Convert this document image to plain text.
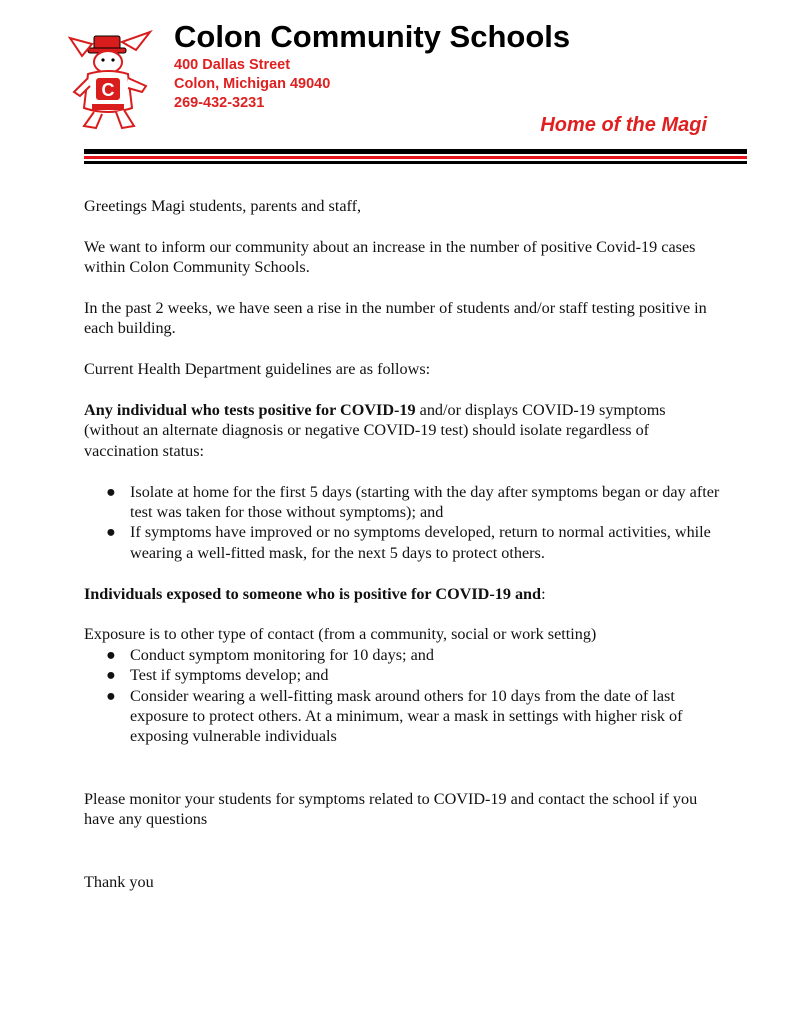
C
Colon Community Schools
400 Dallas Street
Colon, Michigan 49040
269-432-3231
Home of the Magi

Greetings Magi students, parents and staff,

We want to inform our community about an increase in the number of positive Covid-19 cases within Colon Community Schools.

In the past 2 weeks, we have seen a rise in the number of students and/or staff testing positive in each building.

Current Health Department guidelines are as follows:

Any individual who tests positive for COVID-19 and/or displays COVID-19 symptoms (without an alternate diagnosis or negative COVID-19 test) should isolate regardless of vaccination status:

● Isolate at home for the first 5 days (starting with the day after symptoms began or day after test was taken for those without symptoms); and
● If symptoms have improved or no symptoms developed, return to normal activities, while wearing a well-fitted mask, for the next 5 days to protect others.

Individuals exposed to someone who is positive for COVID-19 and:

Exposure is to other type of contact (from a community, social or work setting)

● Conduct symptom monitoring for 10 days; and
● Test if symptoms develop; and
● Consider wearing a well-fitting mask around others for 10 days from the date of last exposure to protect others. At a minimum, wear a mask in settings with higher risk of exposing vulnerable individuals

Please monitor your students for symptoms related to COVID-19 and contact the school if you have any questions

Thank you
